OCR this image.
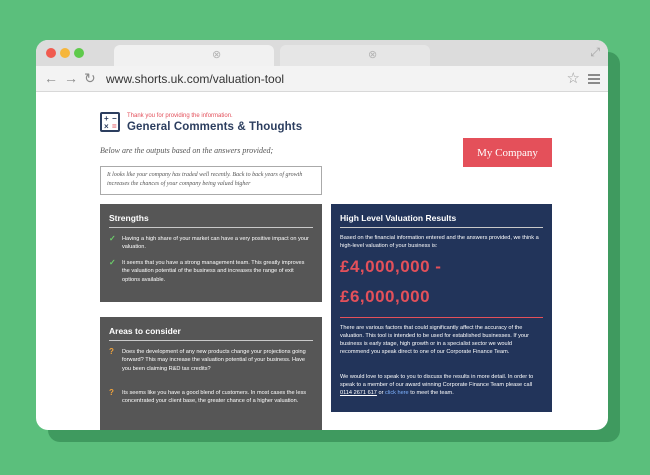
⊗	⊗	⤢
← → ↻ www.shorts.uk.com/valuation-tool	☆
+ −
× =
Thank you for providing the information.
General Comments & Thoughts
Below are the outputs based on the answers provided;	My Company
It looks like your company has traded well recently. Back to back years of growth increases the chances of your company being valued higher
Strengths
✓	Having a high share of your market can have a very positive impact on your valuation.
✓	It seems that you have a strong management team. This greatly improves the valuation potential of the business and increases the range of exit options available.
Areas to consider
?	Does the development of any new products change your projections going forward? This may increase the valuation potential of your business. Have you been claiming R&D tax credits?
?	Its seems like you have a good blend of customers. In most cases the less concentrated your client base, the greater chance of a higher valuation.
High Level Valuation Results
Based on the financial information entered and the answers provided, we think a high-level valuation of your business is:
£4,000,000 -
£6,000,000
There are various factors that could significantly affect the accuracy of the valuation. This tool is intended to be used for established businesses. If your business is early stage, high growth or in a specialist sector we would recommend you speak direct to one of our Corporate Finance Team.
We would love to speak to you to discuss the results in more detail. In order to speak to a member of our award winning Corporate Finance Team please call 0114 2671 617 or click here to meet the team.
